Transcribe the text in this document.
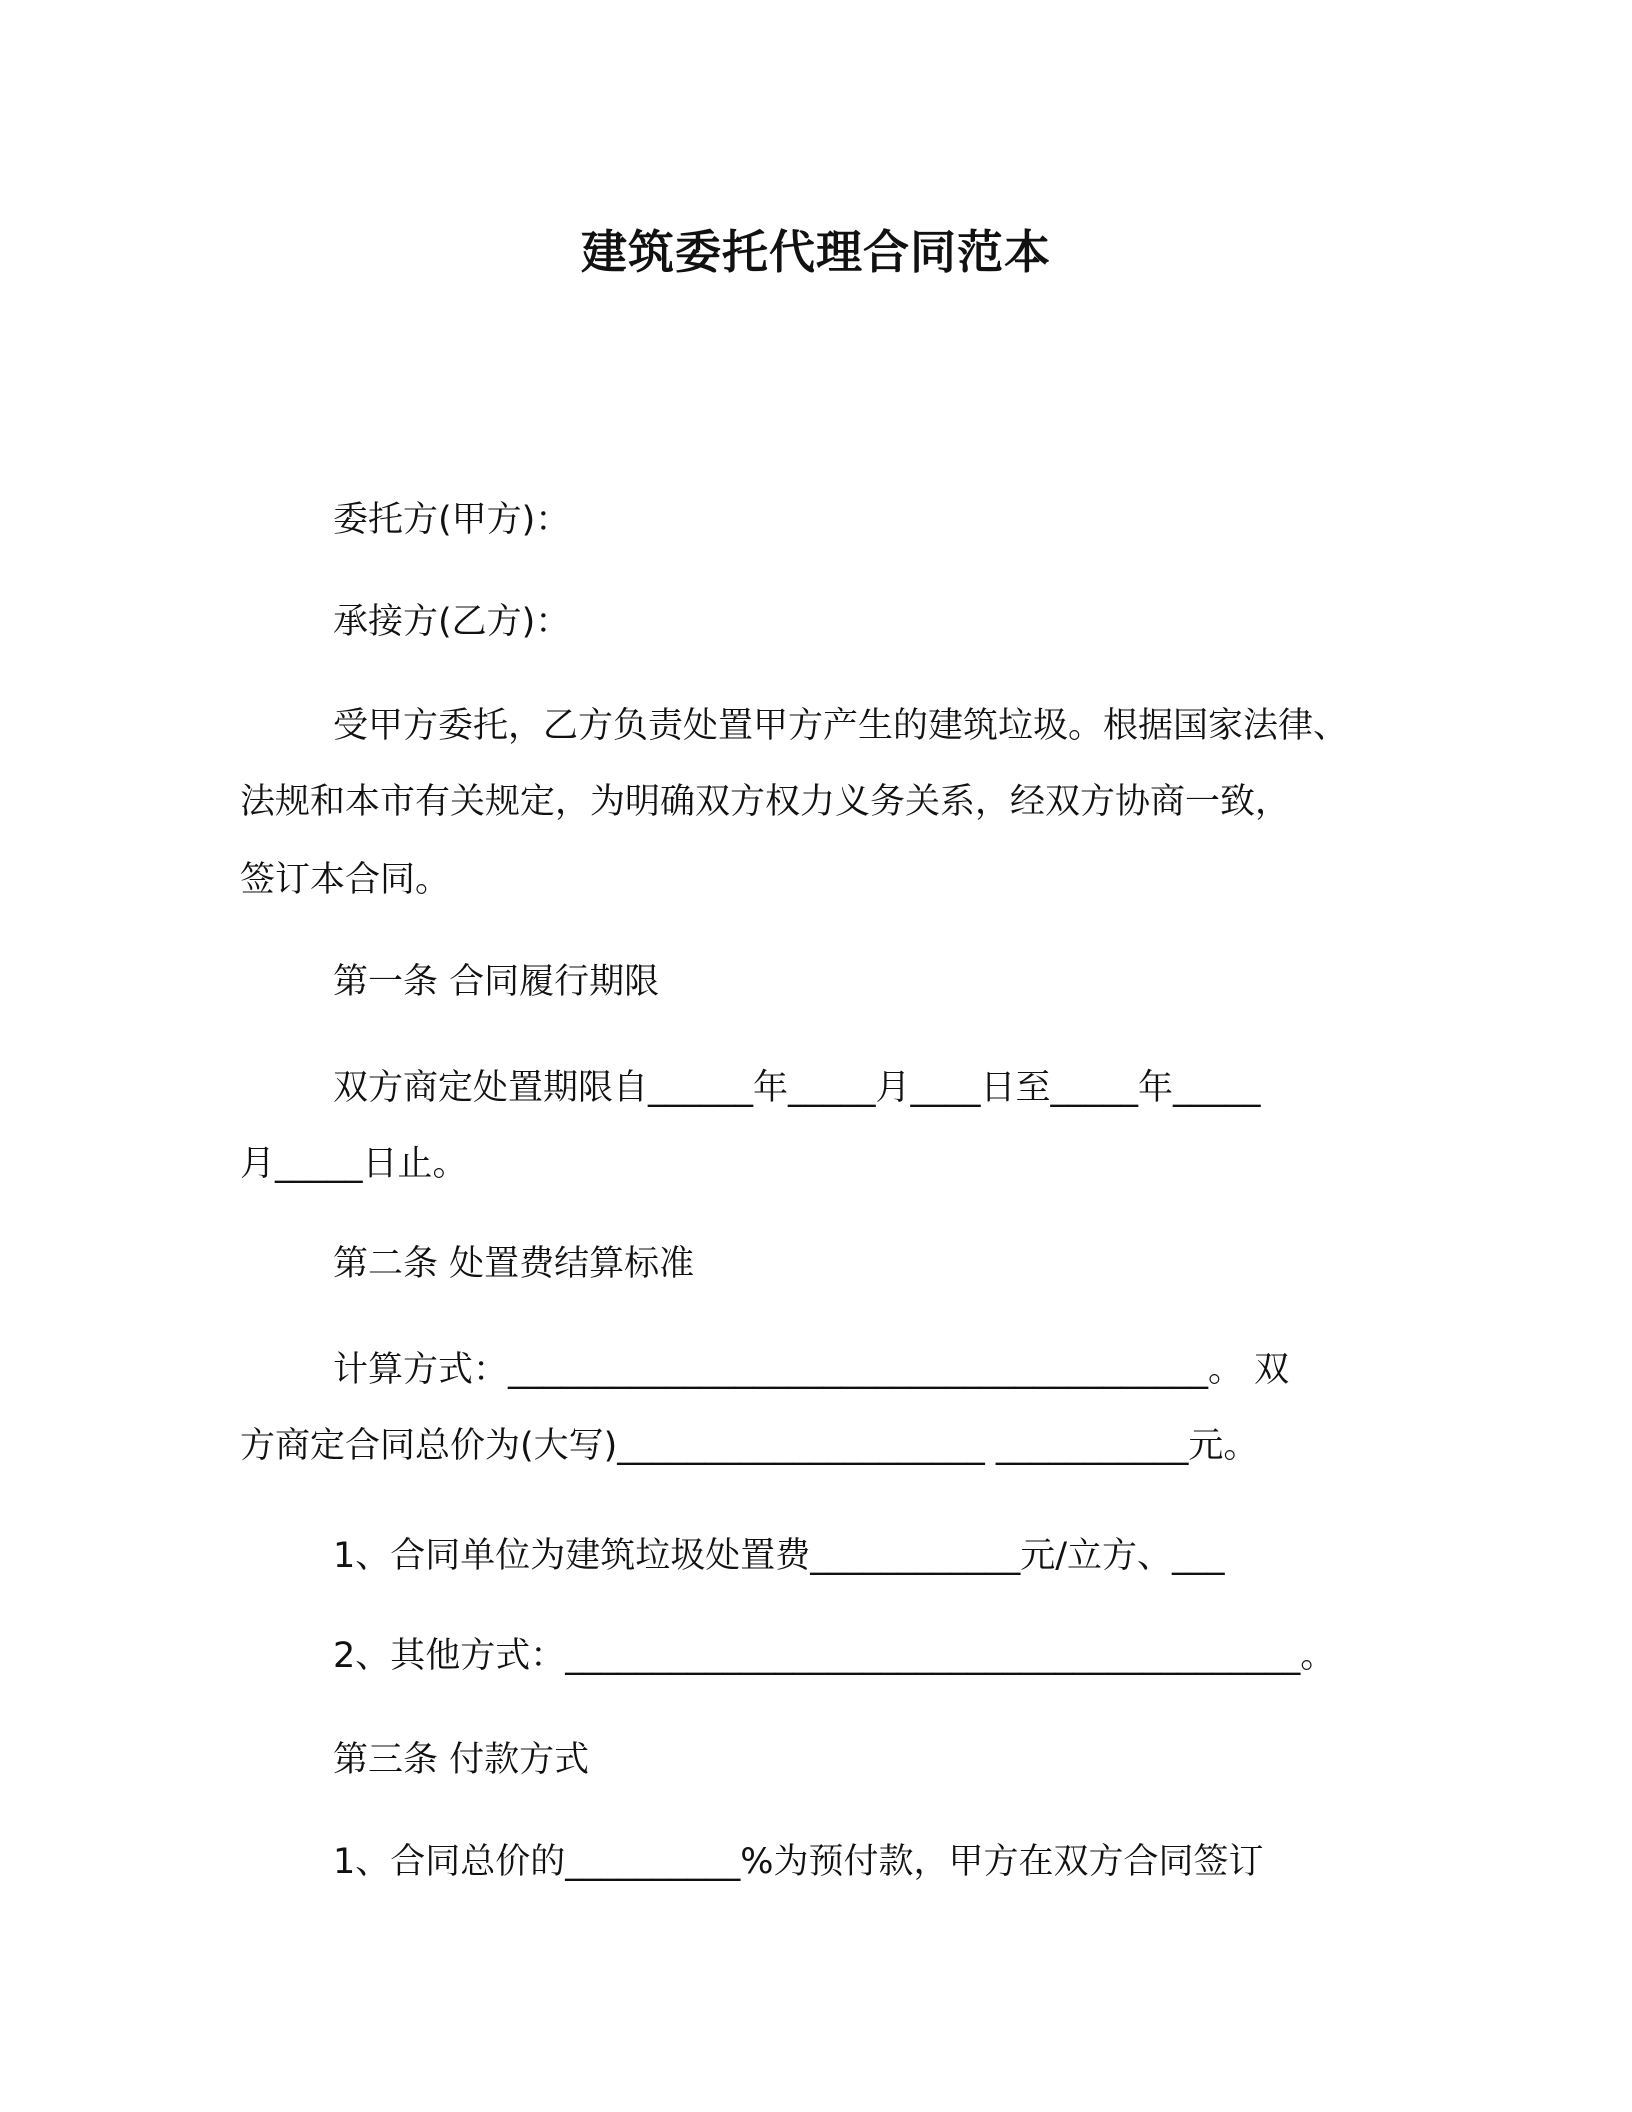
建筑委托代理合同范本
委托方(甲方)：
承接方(乙方)：
受甲方委托，乙方负责处置甲方产生的建筑垃圾。根据国家法律、
法规和本市有关规定，为明确双方权力义务关系，经双方协商一致，
签订本合同。
第一条 合同履行期限
双方商定处置期限自______年_____月____日至_____年_____
月_____日止。
第二条 处置费结算标准
计算方式：________________________________________。 双
方商定合同总价为(大写)_____________________ ___________元。
1、合同单位为建筑垃圾处置费____________元/立方、___
2、其他方式：__________________________________________。
第三条 付款方式
1、合同总价的__________%为预付款，甲方在双方合同签订
